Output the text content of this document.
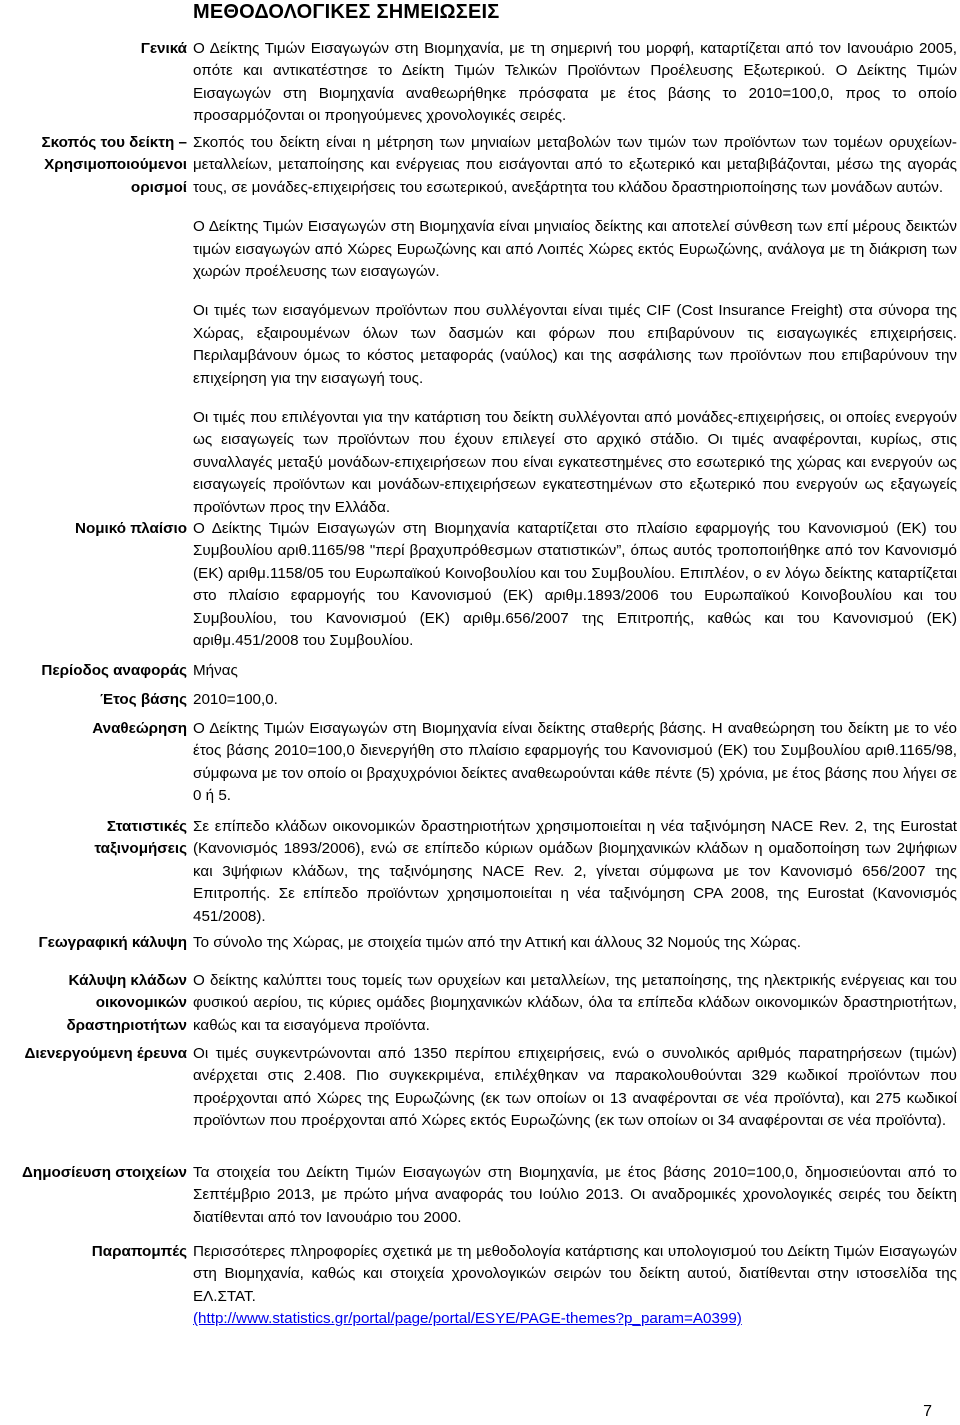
ΜΕΘΟΔΟΛΟΓΙΚΕΣ ΣΗΜΕΙΩΣΕΙΣ
Γενικά Ο Δείκτης Τιμών Εισαγωγών στη Βιομηχανία, με τη σημερινή του μορφή, καταρτίζεται από τον Ιανουάριο 2005, οπότε και αντικατέστησε το Δείκτη Τιμών Τελικών Προϊόντων Προέλευσης Εξωτερικού. Ο Δείκτης Τιμών Εισαγωγών στη Βιομηχανία αναθεωρήθηκε πρόσφατα με έτος βάσης το 2010=100,0, προς το οποίο προσαρμόζονται οι προηγούμενες χρονολογικές σειρές.

Σκοπός του δείκτη –
Χρησιμοποιούμενοι
ορισμοί

Σκοπός του δείκτη είναι η μέτρηση των μηνιαίων μεταβολών των τιμών των προϊόντων των τομέων ορυχείων-μεταλλείων, μεταποίησης και ενέργειας που εισάγονται από το εξωτερικό και μεταβιβάζονται, μέσω της αγοράς τους, σε μονάδες-επιχειρήσεις του εσωτερικού, ανεξάρτητα του κλάδου δραστηριοποίησης των μονάδων αυτών.

Ο Δείκτης Τιμών Εισαγωγών στη Βιομηχανία είναι μηνιαίος δείκτης και αποτελεί σύνθεση των επί μέρους δεικτών τιμών εισαγωγών από Χώρες Ευρωζώνης και από Λοιπές Χώρες εκτός Ευρωζώνης, ανάλογα με τη διάκριση των χωρών προέλευσης των εισαγωγών.

Οι τιμές των εισαγόμενων προϊόντων που συλλέγονται είναι τιμές CIF (Cost Insurance Freight) στα σύνορα της Χώρας, εξαιρουμένων όλων των δασμών και φόρων που επιβαρύνουν τις εισαγωγικές επιχειρήσεις. Περιλαμβάνουν όμως το κόστος μεταφοράς (ναύλος) και της ασφάλισης των προϊόντων που επιβαρύνουν την επιχείρηση για την εισαγωγή τους.

Οι τιμές που επιλέγονται για την κατάρτιση του δείκτη συλλέγονται από μονάδες-επιχειρήσεις, οι οποίες ενεργούν ως εισαγωγείς των προϊόντων που έχουν επιλεγεί στο αρχικό στάδιο. Οι τιμές αναφέρονται, κυρίως, στις συναλλαγές μεταξύ μονάδων-επιχειρήσεων που είναι εγκατεστημένες στο εσωτερικό της χώρας και ενεργούν ως εισαγωγείς προϊόντων και μονάδων-επιχειρήσεων εγκατεστημένων στο εξωτερικό που ενεργούν ως εξαγωγείς προϊόντων προς την Ελλάδα.

Νομικό πλαίσιο Ο Δείκτης Τιμών Εισαγωγών στη Βιομηχανία καταρτίζεται στο πλαίσιο εφαρμογής του Κανονισμού (ΕΚ) του Συμβουλίου αριθ.1165/98 "περί βραχυπρόθεσμων στατιστικών”, όπως αυτός τροποποιήθηκε από τον Κανονισμό (ΕΚ) αριθμ.1158/05 του Ευρωπαϊκού Κοινοβουλίου και του Συμβουλίου. Επιπλέον, ο εν λόγω δείκτης καταρτίζεται στο πλαίσιο εφαρμογής του Κανονισμού (ΕΚ) αριθμ.1893/2006 του Ευρωπαϊκού Κοινοβουλίου και του Συμβουλίου, του Κανονισμού (ΕΚ) αριθμ.656/2007 της Επιτροπής, καθώς και του Κανονισμού (ΕΚ) αριθμ.451/2008 του Συμβουλίου.

Περίοδος αναφοράς Μήνας

Έτος βάσης 2010=100,0.

Αναθεώρηση Ο Δείκτης Τιμών Εισαγωγών στη Βιομηχανία είναι δείκτης σταθερής βάσης. Η αναθεώρηση του δείκτη με το νέο έτος βάσης 2010=100,0 διενεργήθη στο πλαίσιο εφαρμογής του Κανονισμού (ΕΚ) του Συμβουλίου αριθ.1165/98, σύμφωνα με τον οποίο οι βραχυχρόνιοι δείκτες αναθεωρούνται κάθε πέντε (5) χρόνια, με έτος βάσης που λήγει σε 0 ή 5.

Στατιστικές
ταξινομήσεις

Σε επίπεδο κλάδων οικονομικών δραστηριοτήτων χρησιμοποιείται η νέα ταξινόμηση NACE Rev. 2, της Eurostat (Κανονισμός 1893/2006), ενώ σε επίπεδο κύριων ομάδων βιομηχανικών κλάδων η ομαδοποίηση των 2ψήφιων και 3ψήφιων κλάδων, της ταξινόμησης NACE Rev. 2, γίνεται σύμφωνα με τον Κανονισμό 656/2007 της Επιτροπής. Σε επίπεδο προϊόντων χρησιμοποιείται η νέα ταξινόμηση CPA 2008, της Eurostat (Κανονισμός 451/2008).

Γεωγραφική κάλυψη Το σύνολο της Χώρας, με στοιχεία τιμών από την Αττική και άλλους 32 Νομούς της Χώρας.

Κάλυψη κλάδων
οικονομικών
δραστηριοτήτων

Ο δείκτης καλύπτει τους τομείς των ορυχείων και μεταλλείων, της μεταποίησης, της ηλεκτρικής ενέργειας και του φυσικού αερίου, τις κύριες ομάδες βιομηχανικών κλάδων, όλα τα επίπεδα κλάδων οικονομικών δραστηριοτήτων, καθώς και τα εισαγόμενα προϊόντα.

Διενεργούμενη έρευνα Οι τιμές συγκεντρώνονται από 1350 περίπου επιχειρήσεις, ενώ ο συνολικός αριθμός παρατηρήσεων (τιμών) ανέρχεται στις 2.408. Πιο συγκεκριμένα, επιλέχθηκαν να παρακολουθούνται 329 κωδικοί προϊόντων που προέρχονται από Χώρες της Ευρωζώνης (εκ των οποίων οι 13 αναφέρονται σε νέα προϊόντα), και 275 κωδικοί προϊόντων που προέρχονται από Χώρες εκτός Ευρωζώνης (εκ των οποίων οι 34 αναφέρονται σε νέα προϊόντα).

Δημοσίευση στοιχείων Τα στοιχεία του Δείκτη Τιμών Εισαγωγών στη Βιομηχανία, με έτος βάσης 2010=100,0, δημοσιεύονται από το Σεπτέμβριο 2013, με πρώτο μήνα αναφοράς του Ιούλιο 2013. Οι αναδρομικές χρονολογικές σειρές του δείκτη διατίθενται από τον Ιανουάριο του 2000.

Παραπομπές Περισσότερες πληροφορίες σχετικά με τη μεθοδολογία κατάρτισης και υπολογισμού του Δείκτη Τιμών Εισαγωγών στη Βιομηχανία, καθώς και στοιχεία χρονολογικών σειρών του δείκτη αυτού, διατίθενται στην ιστοσελίδα της ΕΛ.ΣΤΑΤ.

(http://www.statistics.gr/portal/page/portal/ESYE/PAGE-themes?p_param=A0399)

7
